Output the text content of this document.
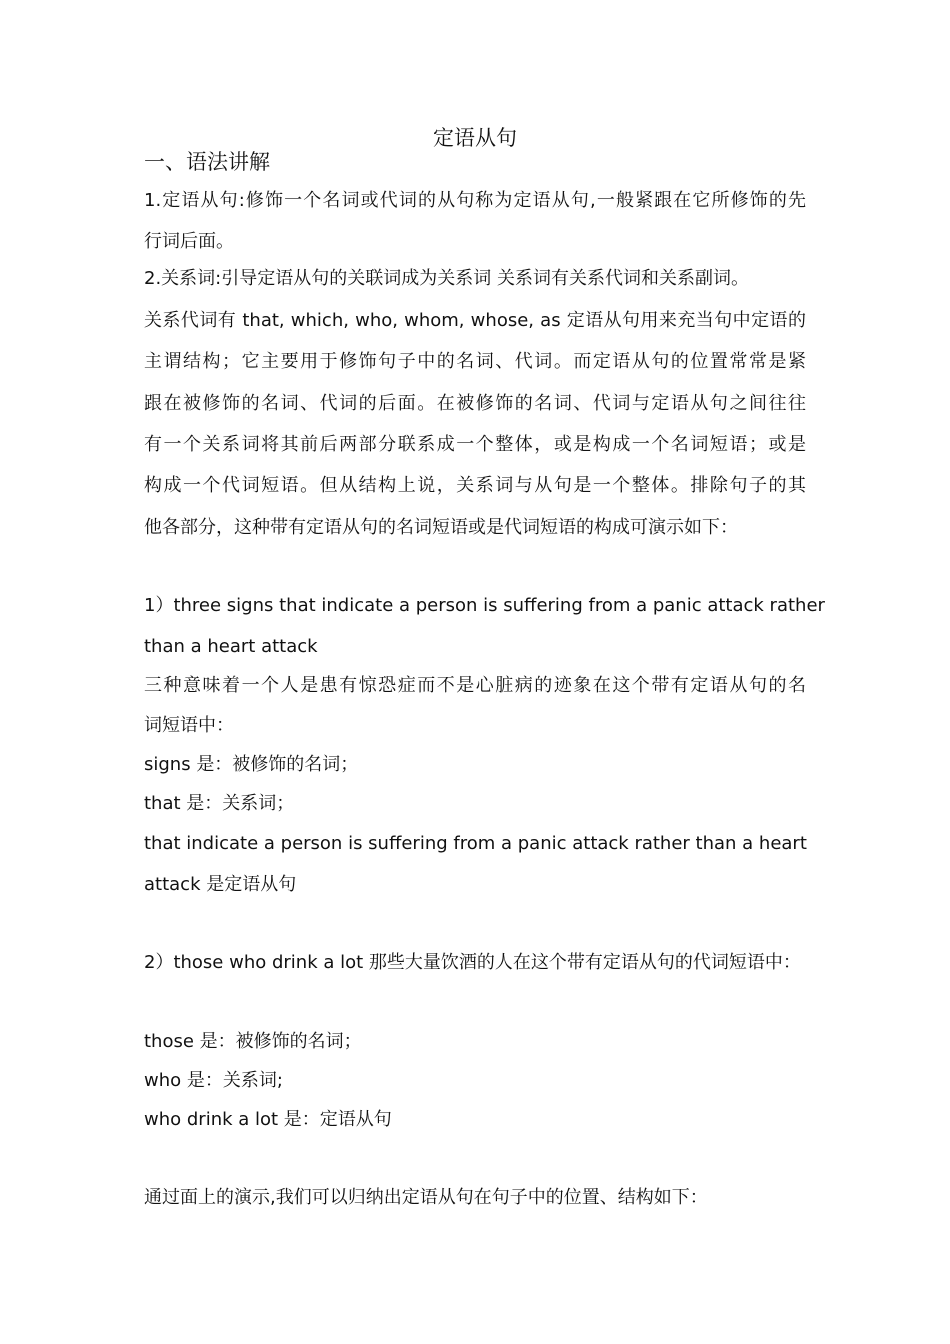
定语从句
一、语法讲解

1.定语从句:修饰一个名词或代词的从句称为定语从句,一般紧跟在它所修饰的先

行词后面。

2.关系词:引导定语从句的关联词成为关系词 关系词有关系代词和关系副词。

关系代词有 that, which, who, whom, whose, as 定语从句用来充当句中定语的

主谓结构；它主要用于修饰句子中的名词、代词。而定语从句的位置常常是紧

跟在被修饰的名词、代词的后面。在被修饰的名词、代词与定语从句之间往往

有一个关系词将其前后两部分联系成一个整体，或是构成一个名词短语；或是

构成一个代词短语。但从结构上说，关系词与从句是一个整体。排除句子的其

他各部分，这种带有定语从句的名词短语或是代词短语的构成可演示如下：

1）three signs that indicate a person is suffering from a panic attack rather

than a heart attack

三种意味着一个人是患有惊恐症而不是心脏病的迹象在这个带有定语从句的名

词短语中：

signs 是：被修饰的名词；

that 是：关系词；

that indicate a person is suffering from a panic attack rather than a heart

attack 是定语从句

2）those who drink a lot 那些大量饮酒的人在这个带有定语从句的代词短语中：

those 是：被修饰的名词；

who 是：关系词;

who drink a lot 是：定语从句

通过面上的演示,我们可以归纳出定语从句在句子中的位置、结构如下：
